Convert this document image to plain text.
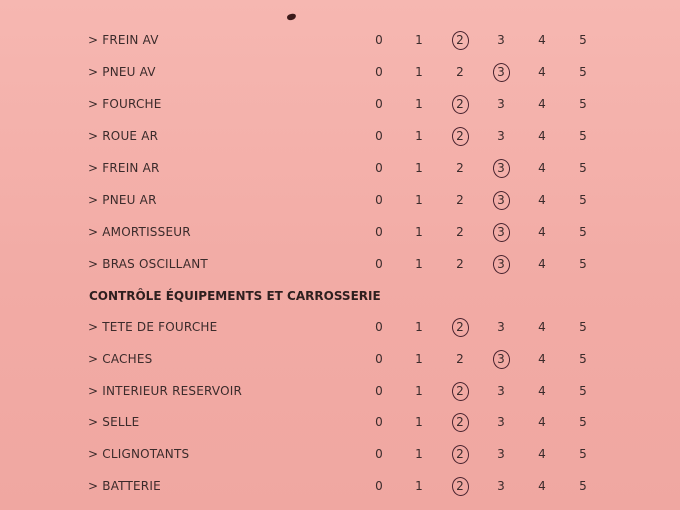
CONTRÔLE ÉQUIPEMENTS ET CARROSSERIE
> FREIN AV	0	1	2	3	4	5
> PNEU AV	0	1	2	3	4	5
> FOURCHE	0	1	2	3	4	5
> ROUE AR	0	1	2	3	4	5
> FREIN AR	0	1	2	3	4	5
> PNEU AR	0	1	2	3	4	5
> AMORTISSEUR	0	1	2	3	4	5
> BRAS OSCILLANT	0	1	2	3	4	5
> TETE DE FOURCHE	0	1	2	3	4	5
> CACHES	0	1	2	3	4	5
> INTERIEUR RESERVOIR	0	1	2	3	4	5
> SELLE	0	1	2	3	4	5
> CLIGNOTANTS	0	1	2	3	4	5
> BATTERIE	0	1	2	3	4	5
